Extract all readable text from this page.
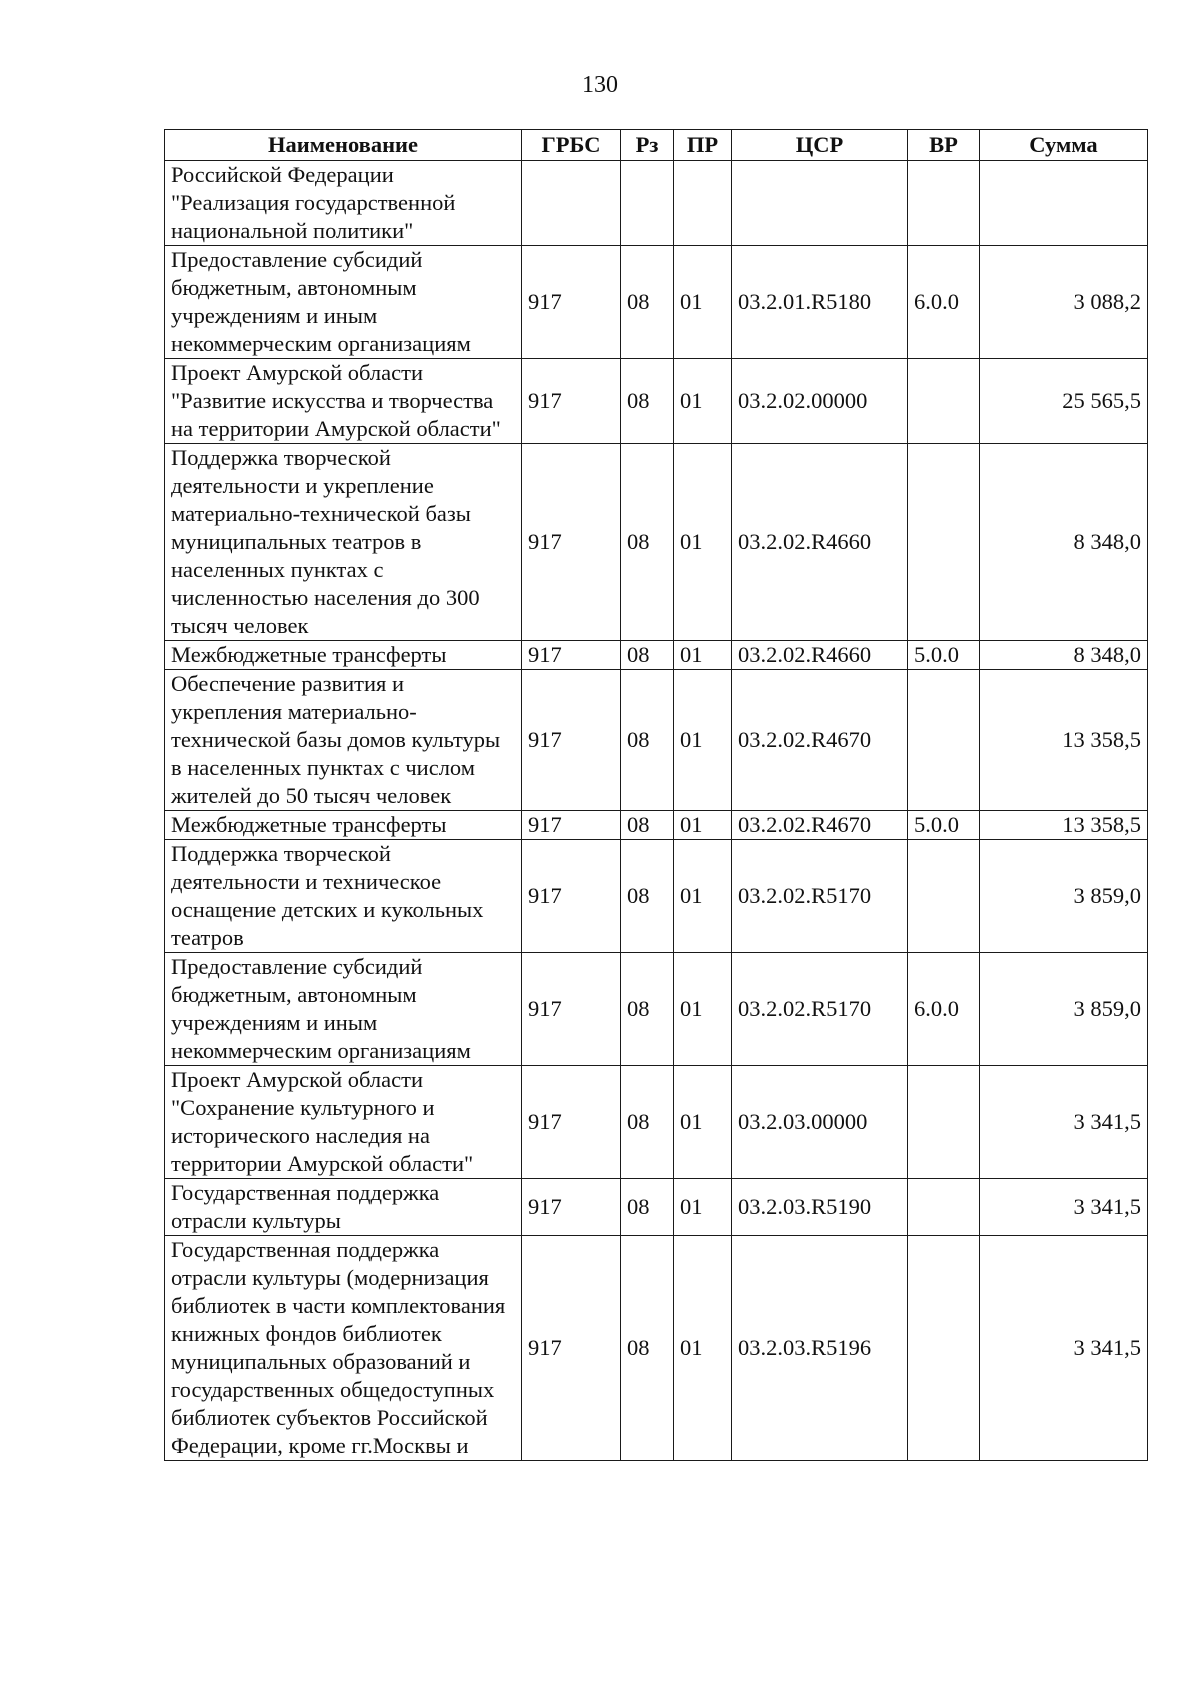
130
Наименование	ГРБС	Рз	ПР	ЦСР	ВР	Сумма
Российской Федерации "Реализация государственной национальной политики"						
Предоставление субсидий бюджетным, автономным учреждениям и иным некоммерческим организациям	917	08	01	03.2.01.R5180	6.0.0	3 088,2
Проект Амурской области "Развитие искусства и творчества на территории Амурской области"	917	08	01	03.2.02.00000		25 565,5
Поддержка творческой деятельности и укрепление материально-технической базы муниципальных театров в населенных пунктах с численностью населения до 300 тысяч человек	917	08	01	03.2.02.R4660		8 348,0
Межбюджетные трансферты	917	08	01	03.2.02.R4660	5.0.0	8 348,0
Обеспечение развития и укрепления материально-технической базы домов культуры в населенных пунктах с числом жителей до 50 тысяч человек	917	08	01	03.2.02.R4670		13 358,5
Межбюджетные трансферты	917	08	01	03.2.02.R4670	5.0.0	13 358,5
Поддержка творческой деятельности и техническое оснащение детских и кукольных театров	917	08	01	03.2.02.R5170		3 859,0
Предоставление субсидий бюджетным, автономным учреждениям и иным некоммерческим организациям	917	08	01	03.2.02.R5170	6.0.0	3 859,0
Проект Амурской области "Сохранение культурного и исторического наследия на территории Амурской области"	917	08	01	03.2.03.00000		3 341,5
Государственная поддержка отрасли культуры	917	08	01	03.2.03.R5190		3 341,5
Государственная поддержка отрасли культуры (модернизация библиотек в части комплектования книжных фондов библиотек муниципальных образований и государственных общедоступных библиотек субъектов Российской Федерации, кроме гг.Москвы и	917	08	01	03.2.03.R5196		3 341,5
